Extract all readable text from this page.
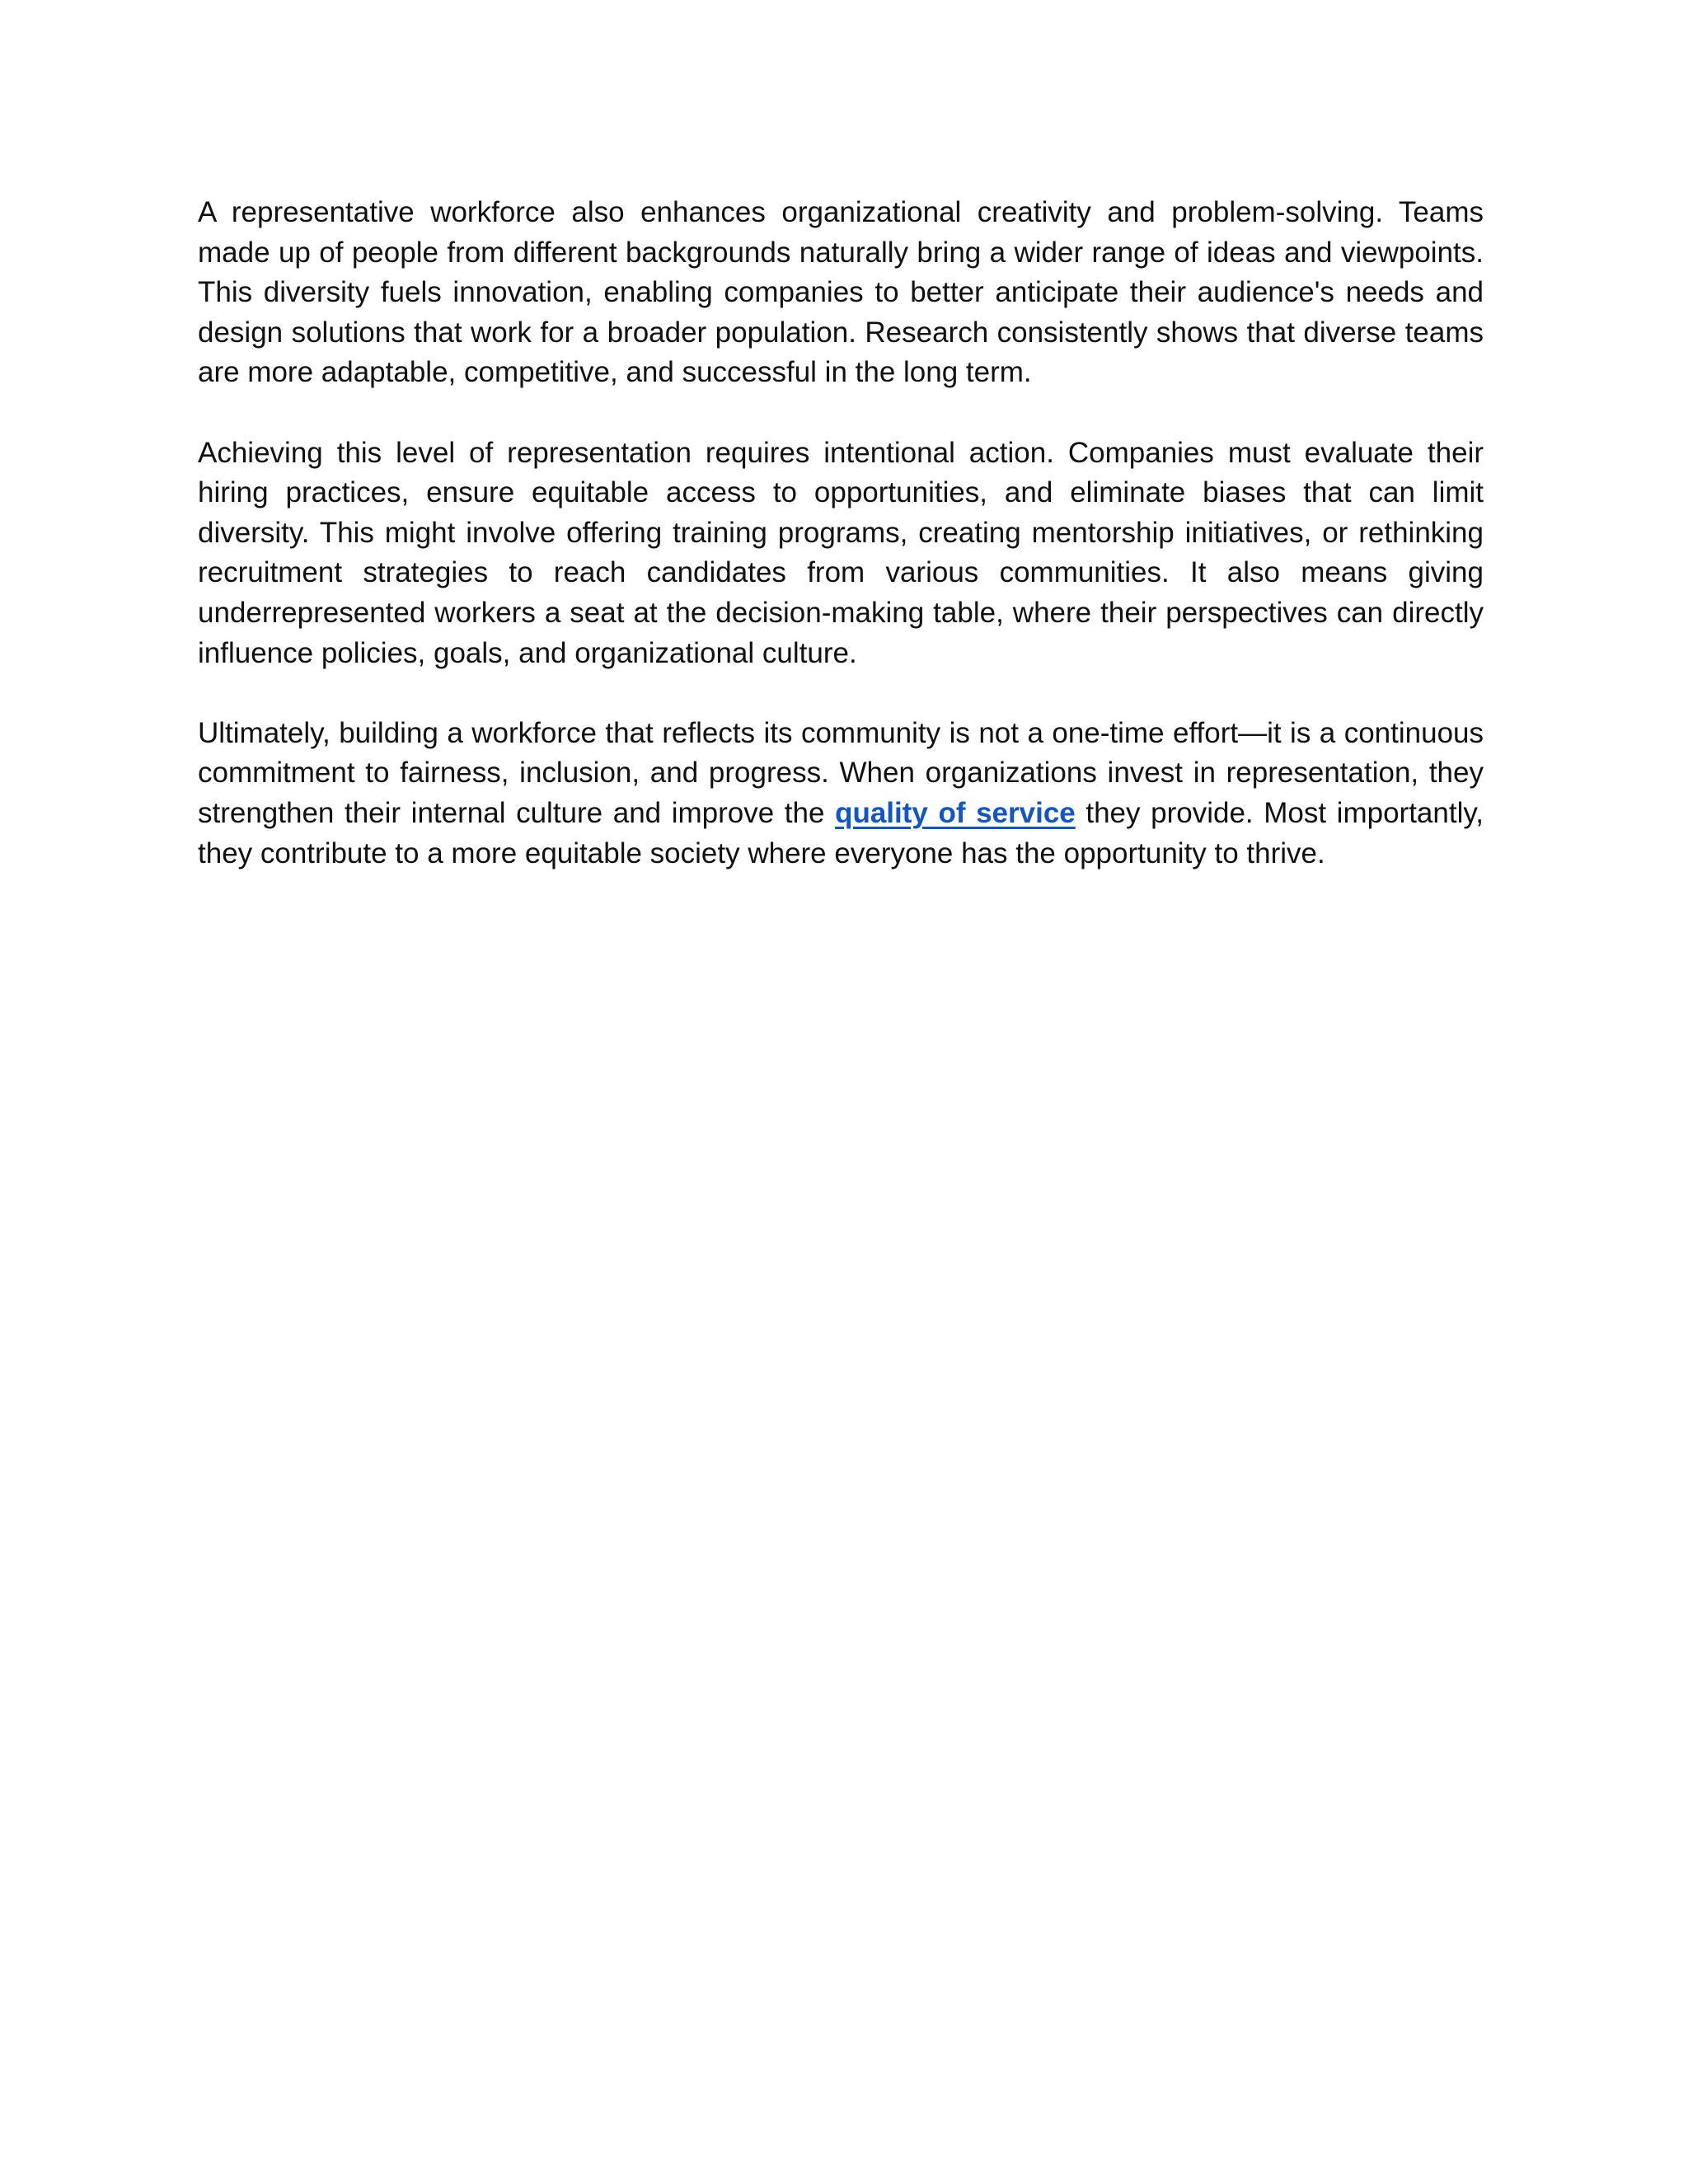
A representative workforce also enhances organizational creativity and problem-solving. Teams made up of people from different backgrounds naturally bring a wider range of ideas and viewpoints. This diversity fuels innovation, enabling companies to better anticipate their audience's needs and design solutions that work for a broader population. Research consistently shows that diverse teams are more adaptable, competitive, and successful in the long term.

Achieving this level of representation requires intentional action. Companies must evaluate their hiring practices, ensure equitable access to opportunities, and eliminate biases that can limit diversity. This might involve offering training programs, creating mentorship initiatives, or rethinking recruitment strategies to reach candidates from various communities. It also means giving underrepresented workers a seat at the decision-making table, where their perspectives can directly influence policies, goals, and organizational culture.

Ultimately, building a workforce that reflects its community is not a one-time effort—it is a continuous commitment to fairness, inclusion, and progress. When organizations invest in representation, they strengthen their internal culture and improve the quality of service they provide. Most importantly, they contribute to a more equitable society where everyone has the opportunity to thrive.
